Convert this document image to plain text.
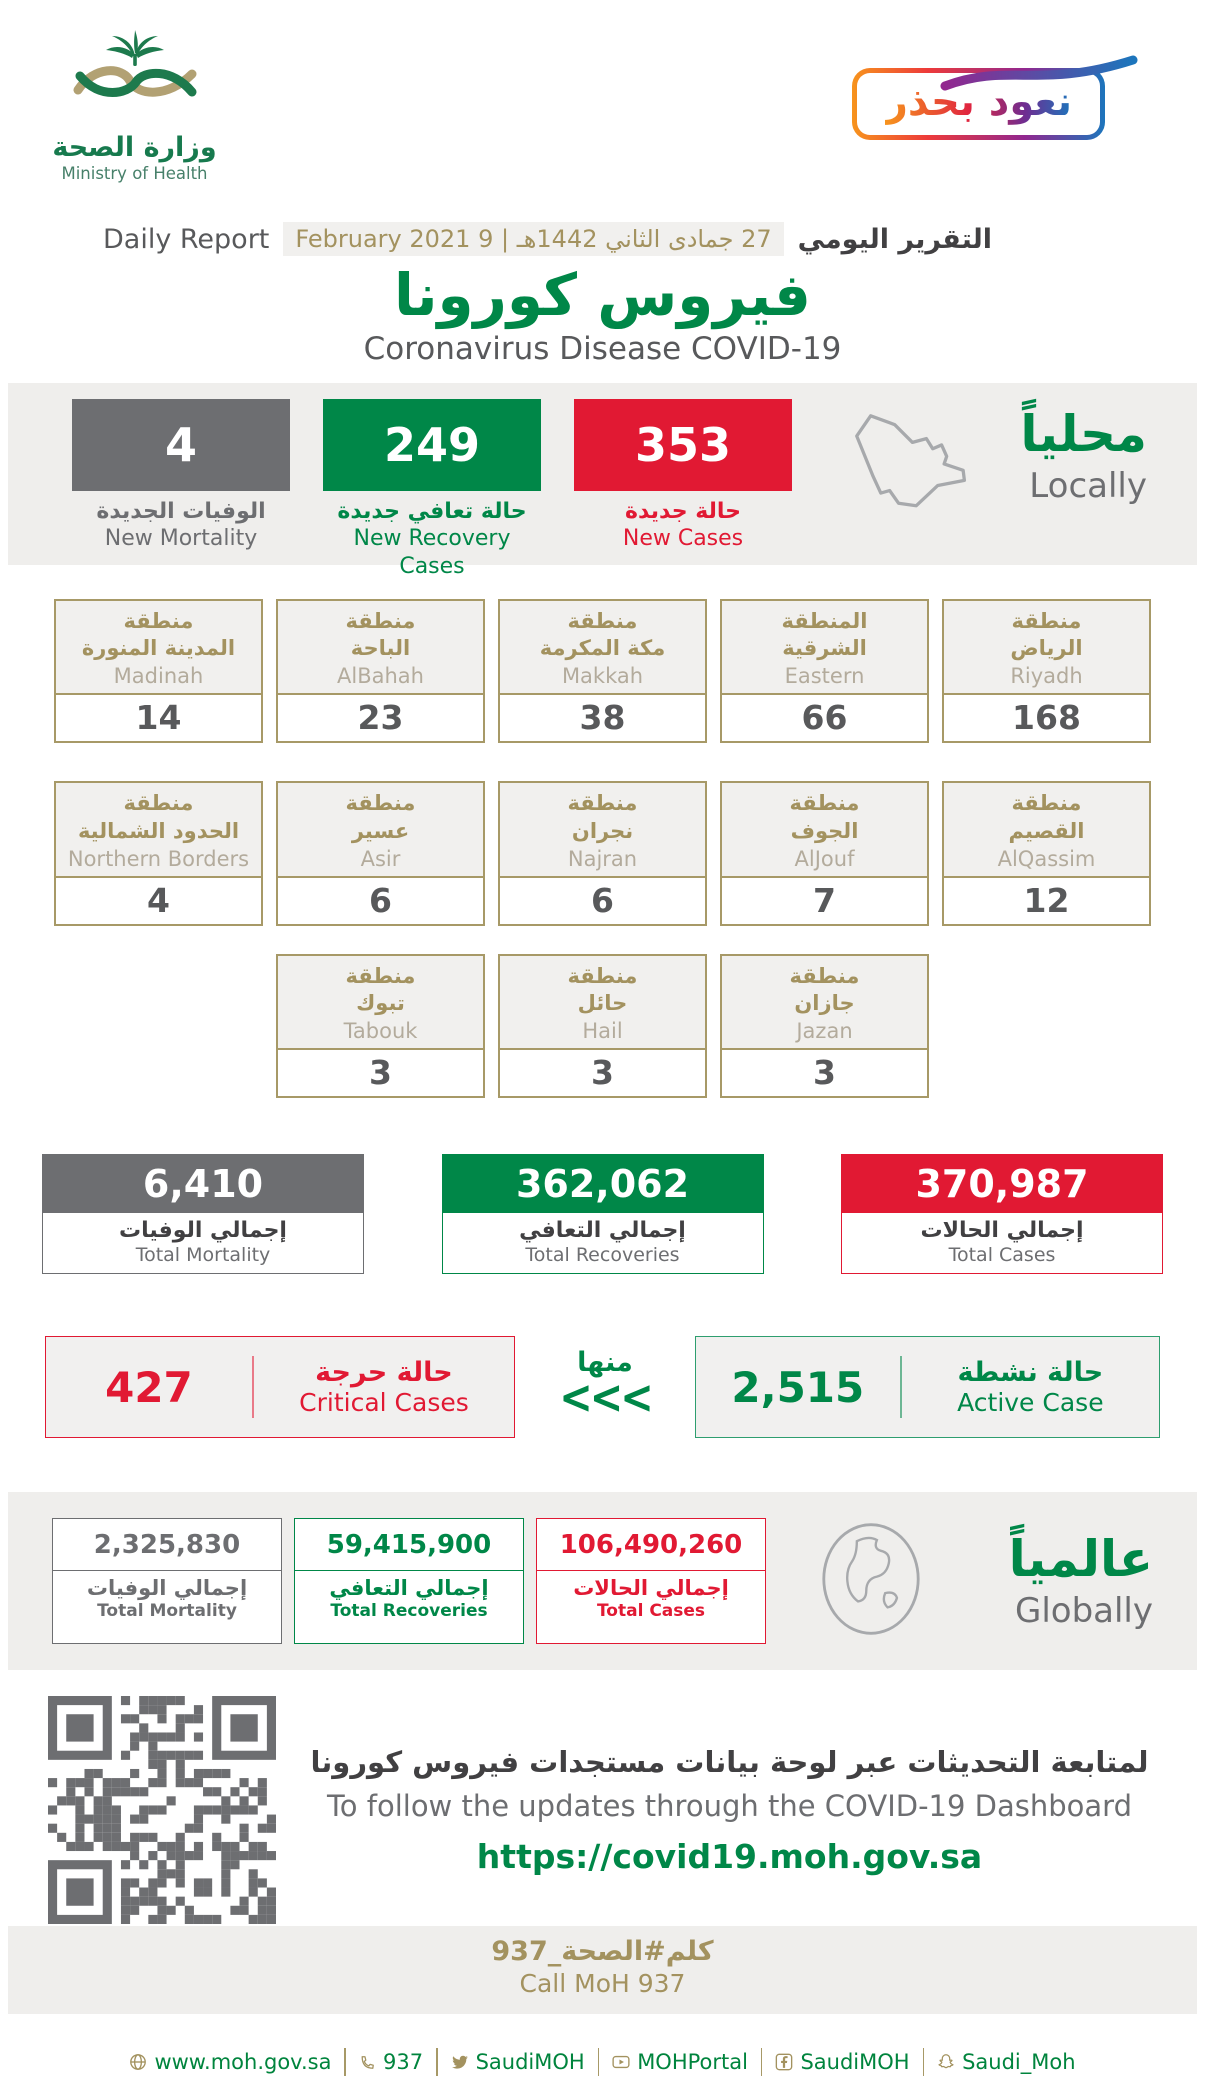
وزارة الصحة
Ministry of Health
نعود بحذر
Daily Report	27 جمادى الثاني 1442هـ | 9 February 2021 التقرير اليومي
فيروس كورونا
Coronavirus Disease COVID-19
4
الوفيات الجديدة
New Mortality
249
حالة تعافي جديدة
New Recovery Cases
353
حالة جديدة
New Cases
محلياً
Locally
منطقة
المدينة المنورة
Madinah
14
منطقة
الباحة
AlBahah
23
منطقة
مكة المكرمة
Makkah
38
المنطقة
الشرقية
Eastern
66
منطقة
الرياض
Riyadh
168
منطقة
الحدود الشمالية
Northern Borders
4
منطقة
عسير
Asir
6
منطقة
نجران
Najran
6
منطقة
الجوف
AlJouf
7
منطقة
القصيم
AlQassim
12
منطقة
تبوك
Tabouk
3
منطقة
حائل
Hail
3
منطقة
جازان
Jazan
3
6,410
إجمالي الوفيات
Total Mortality
362,062
إجمالي التعافي
Total Recoveries
370,987
إجمالي الحالات
Total Cases
427	حالة حرجة
Critical Cases
منها
<<<	2,515	حالة نشطة
Active Case
2,325,830
إجمالي الوفيات
Total Mortality
59,415,900
إجمالي التعافي
Total Recoveries
106,490,260
إجمالي الحالات
Total Cases
عالمياً
Globally
لمتابعة التحديثات عبر لوحة بيانات مستجدات فيروس كورونا
To follow the updates through the COVID-19 Dashboard
https://covid19.moh.gov.sa
كلم#الصحة_937
Call MoH 937
www.moh.gov.sa 937	SaudiMOH	MOHPortal	SaudiMOH	Saudi_Moh
